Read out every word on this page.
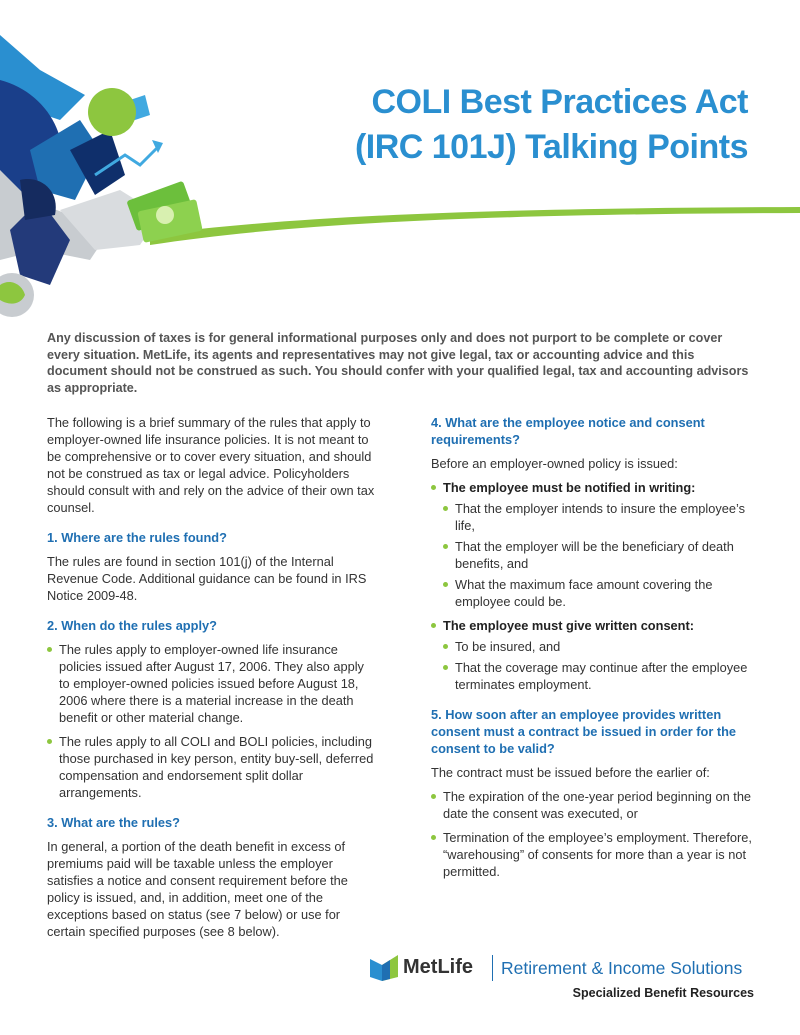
COLI Best Practices Act
(IRC 101J) Talking Points
Any discussion of taxes is for general informational purposes only and does not purport to be complete or cover every situation. MetLife, its agents and representatives may not give legal, tax or accounting advice and this document should not be construed as such. You should confer with your qualified legal, tax and accounting advisors as appropriate.

The following is a brief summary of the rules that apply to employer-owned life insurance policies. It is not meant to be comprehensive or to cover every situation, and should not be construed as tax or legal advice. Policyholders should consult with and rely on the advice of their own tax counsel.

1. Where are the rules found?

The rules are found in section 101(j) of the Internal Revenue Code. Additional guidance can be found in IRS Notice 2009-48.

2. When do the rules apply?

The rules apply to employer-owned life insurance policies issued after August 17, 2006. They also apply to employer-owned policies issued before August 18, 2006 where there is a material increase in the death benefit or other material change.
The rules apply to all COLI and BOLI policies, including those purchased in key person, entity buy-sell, deferred compensation and endorsement split dollar arrangements.

3. What are the rules?

In general, a portion of the death benefit in excess of premiums paid will be taxable unless the employer satisfies a notice and consent requirement before the policy is issued, and, in addition, meet one of the exceptions based on status (see 7 below) or use for certain specified purposes (see 8 below).

4. What are the employee notice and consent requirements?

Before an employer-owned policy is issued:

The employee must be notified in writing:
That the employer intends to insure the employee’s life,
That the employer will be the beneficiary of death benefits, and
What the maximum face amount covering the employee could be.
The employee must give written consent:
To be insured, and
That the coverage may continue after the employee terminates employment.

5. How soon after an employee provides written consent must a contract be issued in order for the consent to be valid?

The contract must be issued before the earlier of:

The expiration of the one-year period beginning on the date the consent was executed, or
Termination of the employee’s employment. Therefore, “warehousing” of consents for more than a year is not permitted.
MetLife Retirement & Income Solutions
Specialized Benefit Resources
